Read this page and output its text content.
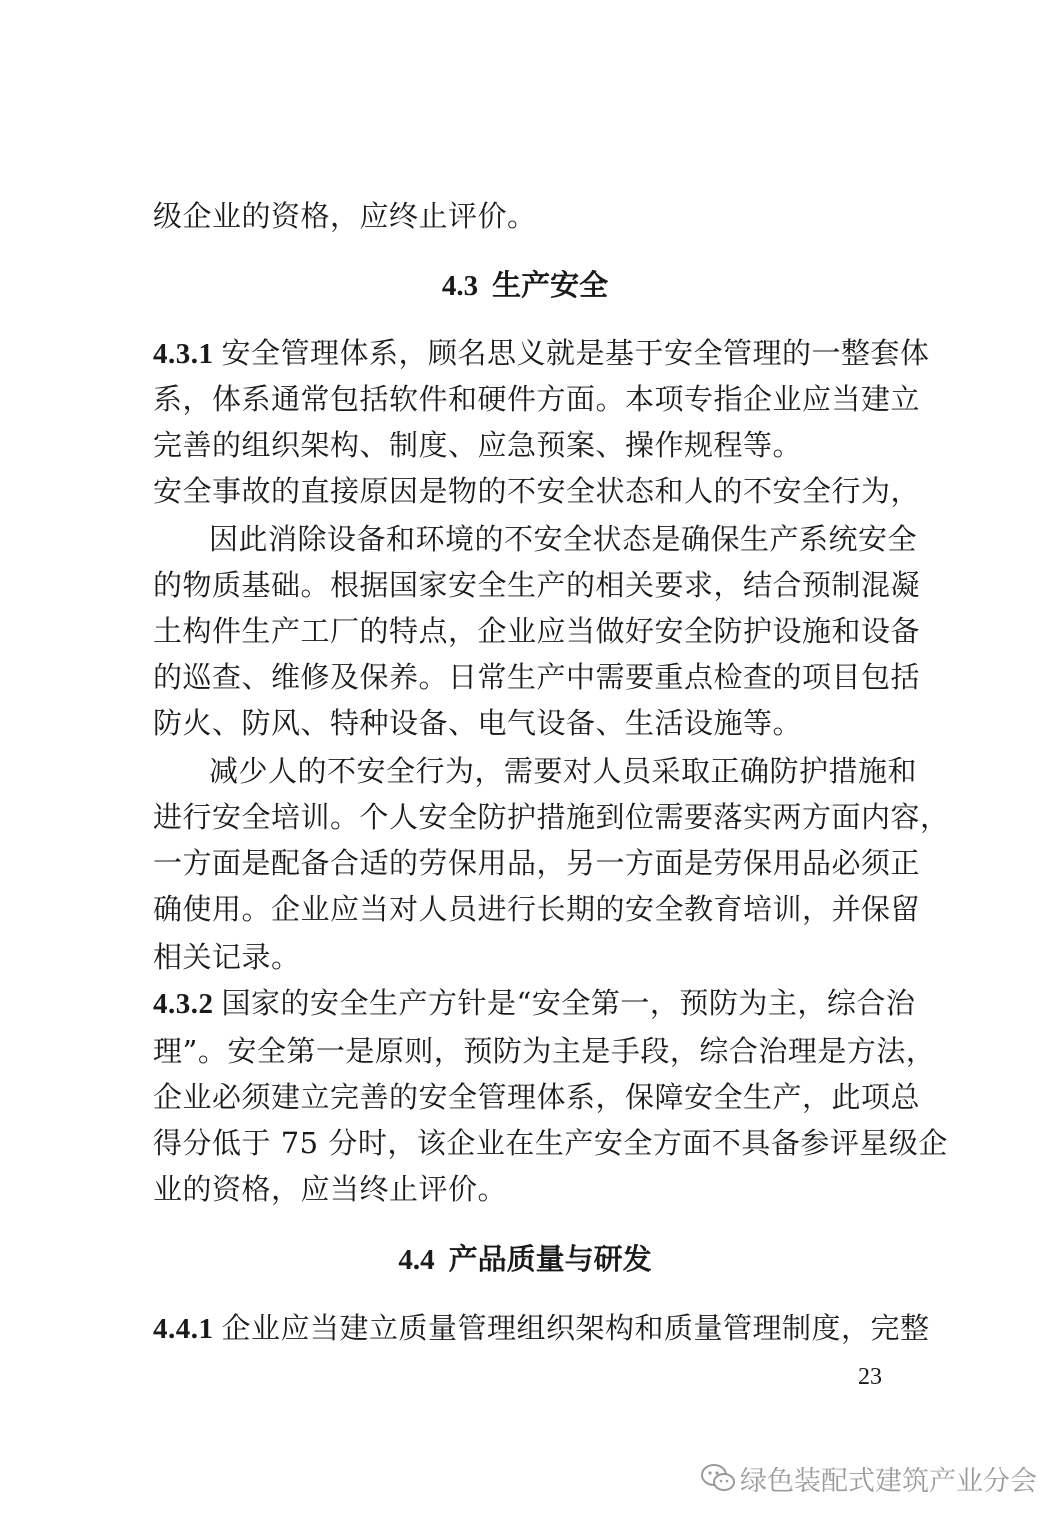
级企业的资格，应终止评价。
4.3 生产安全
4.3.1 安全管理体系，顾名思义就是基于安全管理的一整套体
系，体系通常包括软件和硬件方面。本项专指企业应当建立
完善的组织架构、制度、应急预案、操作规程等。
安全事故的直接原因是物的不安全状态和人的不安全行为，
因此消除设备和环境的不安全状态是确保生产系统安全
的物质基础。根据国家安全生产的相关要求，结合预制混凝
土构件生产工厂的特点，企业应当做好安全防护设施和设备
的巡查、维修及保养。日常生产中需要重点检查的项目包括
防火、防风、特种设备、电气设备、生活设施等。
减少人的不安全行为，需要对人员采取正确防护措施和
进行安全培训。个人安全防护措施到位需要落实两方面内容，
一方面是配备合适的劳保用品，另一方面是劳保用品必须正
确使用。企业应当对人员进行长期的安全教育培训，并保留
相关记录。
4.3.2 国家的安全生产方针是“安全第一，预防为主，综合治
理”。安全第一是原则，预防为主是手段，综合治理是方法，
企业必须建立完善的安全管理体系，保障安全生产，此项总
得分低于 75 分时，该企业在生产安全方面不具备参评星级企
业的资格，应当终止评价。
4.4 产品质量与研发
4.4.1 企业应当建立质量管理组织架构和质量管理制度，完整
23
绿色装配式建筑产业分会
